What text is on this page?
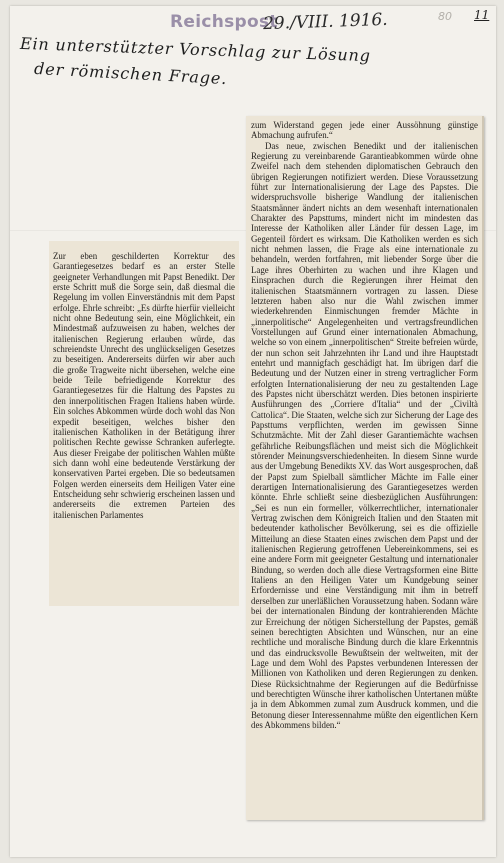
Reichspost
29./VIII. 1916.	80 11
Ein unterstützter Vorschlag zur Lösung
der römischen Frage.

Zur eben geschilderten Korrektur des Garantiegesetzes bedarf es an erster Stelle geeigneter Verhandlungen mit Papst Benedikt. Der erste Schritt muß die Sorge sein, daß diesmal die Regelung im vollen Einverständnis mit dem Papst erfolge. Ehrle schreibt: „Es dürfte hierfür vielleicht nicht ohne Bedeutung sein, eine Möglichkeit, ein Mindestmaß aufzuweisen zu haben, welches der italienischen Regierung erlauben würde, das schreiendste Unrecht des unglückseligen Gesetzes zu beseitigen. Andererseits dürfen wir aber auch die große Tragweite nicht übersehen, welche eine beide Teile befriedigende Korrektur des Garantiegesetzes für die Haltung des Papstes zu den innerpolitischen Fragen Italiens haben würde. Ein solches Abkommen würde doch wohl das Non expedit beseitigen, welches bisher den italienischen Katholiken in der Betätigung ihrer politischen Rechte gewisse Schranken auferlegte. Aus dieser Freigabe der politischen Wahlen müßte sich dann wohl eine bedeutende Verstärkung der konservativen Partei ergeben. Die so bedeutsamen Folgen werden einerseits dem Heiligen Vater eine Entscheidung sehr schwierig erscheinen lassen und andererseits die extremen Parteien des italienischen Parlamentes

zum Widerstand gegen jede einer Aussöhnung günstige Abmachung aufrufen.“

Das neue, zwischen Benedikt und der italienischen Regierung zu vereinbarende Garantieabkommen würde ohne Zweifel nach dem stehenden diplomatischen Gebrauch den übrigen Regierungen notifiziert werden. Diese Voraussetzung führt zur Internationalisierung der Lage des Papstes. Die widerspruchsvolle bisherige Wandlung der italienischen Staatsmänner ändert nichts an dem wesenhaft internationalen Charakter des Papsttums, mindert nicht im mindesten das Interesse der Katholiken aller Länder für dessen Lage, im Gegenteil fördert es wirksam. Die Katholiken werden es sich nicht nehmen lassen, die Frage als eine internationale zu behandeln, werden fortfahren, mit liebender Sorge über die Lage ihres Oberhirten zu wachen und ihre Klagen und Einsprachen durch die Regierungen ihrer Heimat den italienischen Staatsmännern vortragen zu lassen. Diese letzteren haben also nur die Wahl zwischen immer wiederkehrenden Einmischungen fremder Mächte in „innerpolitische“ Angelegenheiten und vertragsfreundlichen Vorstellungen auf Grund einer internationalen Abmachung, welche so von einem „innerpolitischen“ Streite befreien würde, der nun schon seit Jahrzehnten ihr Land und ihre Hauptstadt entehrt und mannigfach geschädigt hat. Im übrigen darf die Bedeutung und der Nutzen einer in streng vertraglicher Form erfolgten Internationalisierung der neu zu gestaltenden Lage des Papstes nicht überschätzt werden. Dies betonen inspirierte Ausführungen des „Corriere d'Italia“ und der „Civiltà Cattolica“. Die Staaten, welche sich zur Sicherung der Lage des Papsttums verpflichten, werden im gewissen Sinne Schutzmächte. Mit der Zahl dieser Garantiemächte wachsen gefährliche Reibungsflächen und meist sich die Möglichkeit störender Meinungsverschiedenheiten. In diesem Sinne wurde aus der Umgebung Benedikts XV. das Wort ausgesprochen, daß der Papst zum Spielball sämtlicher Mächte im Falle einer derartigen Internationalisierung des Garantiegesetzes werden könnte. Ehrle schließt seine diesbezüglichen Ausführungen: „Sei es nun ein formeller, völkerrechtlicher, internationaler Vertrag zwischen dem Königreich Italien und den Staaten mit bedeutender katholischer Bevölkerung, sei es die offizielle Mitteilung an diese Staaten eines zwischen dem Papst und der italienischen Regierung getroffenen Uebereinkommens, sei es eine andere Form mit geeigneter Gestaltung und internationaler Bindung, so werden doch alle diese Vertragsformen eine Bitte Italiens an den Heiligen Vater um Kundgebung seiner Erfordernisse und eine Verständigung mit ihm in betreff derselben zur unerläßlichen Voraussetzung haben. Sodann wäre bei der internationalen Bindung der kontrahierenden Mächte zur Erreichung der nötigen Sicherstellung der Papstes, gemäß seinen berechtigten Absichten und Wünschen, nur an eine rechtliche und moralische Bindung durch die klare Erkenntnis und das eindrucksvolle Bewußtsein der weltweiten, mit der Lage und dem Wohl des Papstes verbundenen Interessen der Millionen von Katholiken und deren Regierungen zu denken. Diese Rücksichtnahme der Regierungen auf die Bedürfnisse und berechtigten Wünsche ihrer katholischen Untertanen müßte ja in dem Abkommen zumal zum Ausdruck kommen, und die Betonung dieser Interessennahme müßte den eigentlichen Kern des Abkommens bilden.“
